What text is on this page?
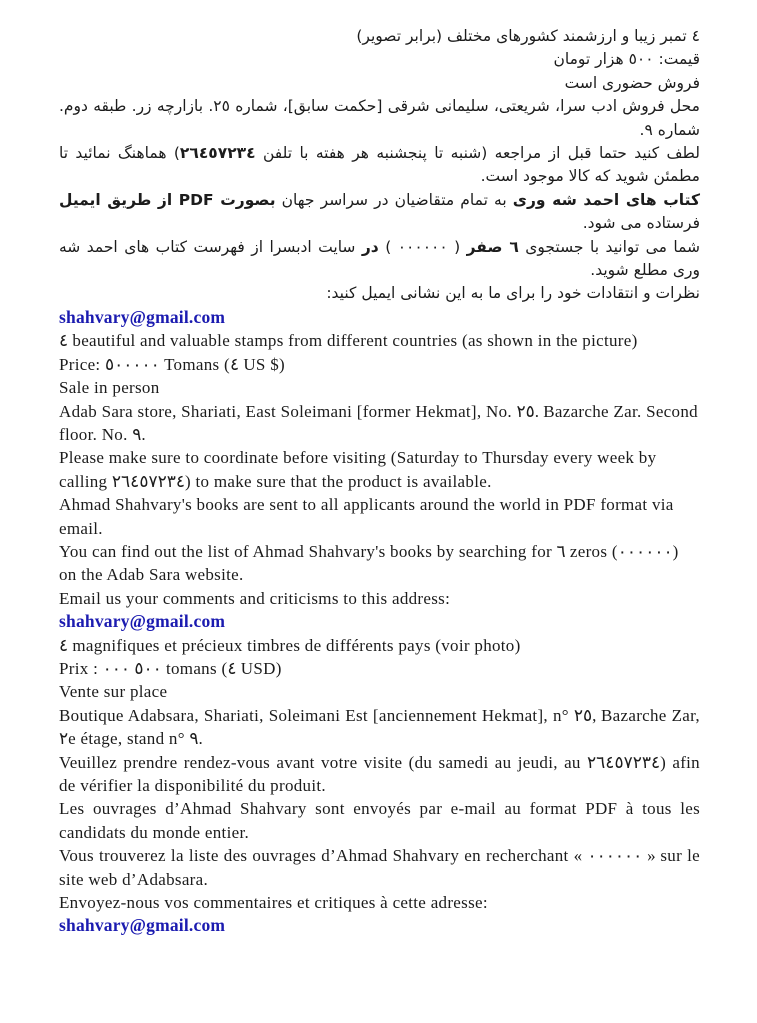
٤ تمبر زیبا و ارزشمند کشورهای مختلف (برابر تصویر)

قیمت: ٥٠٠ هزار تومان

فروش حضوری است

محل فروش ادب سرا، شریعتی، سلیمانی شرقی [حکمت سابق]، شماره ٢٥. بازارچه زر. طبقه دوم. شماره ٩.

لطف کنید حتما قبل از مراجعه (شنبه تا پنجشنبه هر هفته با تلفن ٢٦٤٥٧٢٣٤) هماهنگ نمائید تا مطمئن شوید که کالا موجود است.

کتاب های احمد شه وری به تمام متقاضیان در سراسر جهان بصورت PDF از طریق ایمیل فرستاده می شود.

شما می توانید با جستجوی ٦ صفر ( ٠٠٠٠٠٠ ) در سایت ادبسرا از فهرست کتاب های احمد شه وری مطلع شوید.

نظرات و انتقادات خود را برای ما به این نشانی ایمیل کنید:

shahvary@gmail.com

٤ beautiful and valuable stamps from different countries (as shown in the picture)

Price: ٥٠٠٠٠٠ Tomans (٤ US $)

Sale in person

Adab Sara store, Shariati, East Soleimani [former Hekmat], No. ٢٥. Bazarche Zar. Second floor. No. ٩.

Please make sure to coordinate before visiting (Saturday to Thursday every week by calling ٢٦٤٥٧٢٣٤) to make sure that the product is available.

Ahmad Shahvary's books are sent to all applicants around the world in PDF format via email.

You can find out the list of Ahmad Shahvary's books by searching for ٦ zeros (٠٠٠٠٠٠) on the Adab Sara website.

Email us your comments and criticisms to this address:

shahvary@gmail.com

٤ magnifiques et précieux timbres de différents pays (voir photo)

Prix : ٥٠٠ ٠٠٠ tomans (٤ USD)

Vente sur place

Boutique Adabsara, Shariati, Soleimani Est [anciennement Hekmat], n° ٢٥, Bazarche Zar, ٢e étage, stand n° ٩.

Veuillez prendre rendez-vous avant votre visite (du samedi au jeudi, au ٢٦٤٥٧٢٣٤) afin de vérifier la disponibilité du produit.

Les ouvrages d’Ahmad Shahvary sont envoyés par e-mail au format PDF à tous les candidats du monde entier.

Vous trouverez la liste des ouvrages d’Ahmad Shahvary en recherchant « ٠٠٠٠٠٠ » sur le site web d’Adabsara.

Envoyez-nous vos commentaires et critiques à cette adresse:

shahvary@gmail.com
